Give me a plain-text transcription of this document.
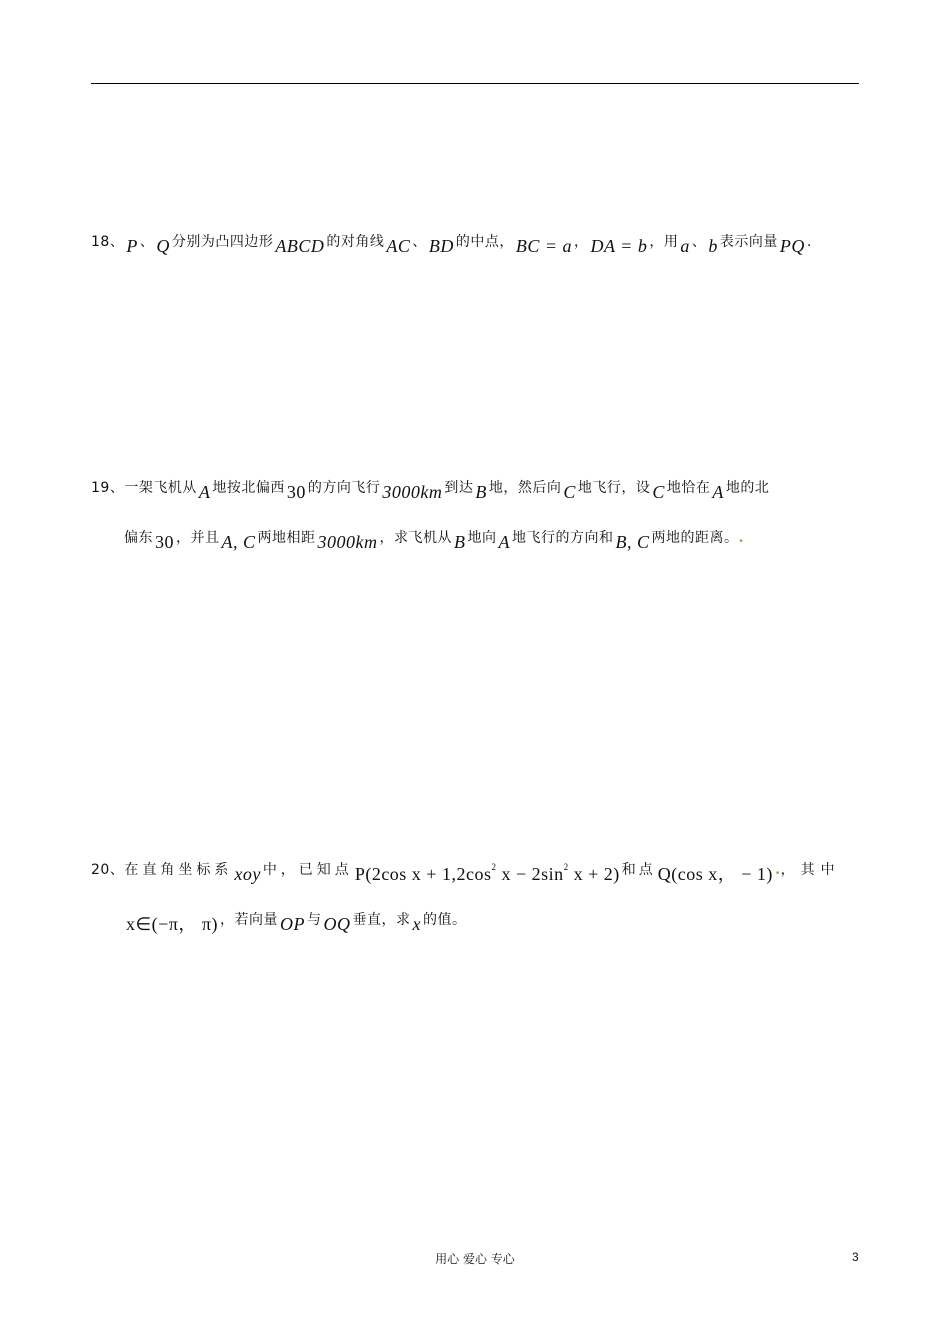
18、 P 、 Q 分别为凸四边形 ABCD 的对角线 AC 、 BD 的中点， BC = a ， DA = b ，用 a 、 b 表示向量 PQ .
19、一架飞机从 A 地按北偏西 30 的方向飞行 3000km 到达 B 地，然后向 C 地飞行，设 C 地恰在 A 地的北
偏东 30 ，并且 A, C 两地相距 3000km ，求飞机从 B 地向 A 地飞行的方向和 B, C 两地的距离。.
20、在直角坐标系 xoy 中，已知点 P(2cos $x + 1,2\cos^2$ $x - 2\sin^2$ x + 2) 和点 Q(cos x， − 1) .，其中
x∈(−π， π) ，若向量 OP 与 OQ 垂直，求 x 的值。
用心 爱心 专心	3
